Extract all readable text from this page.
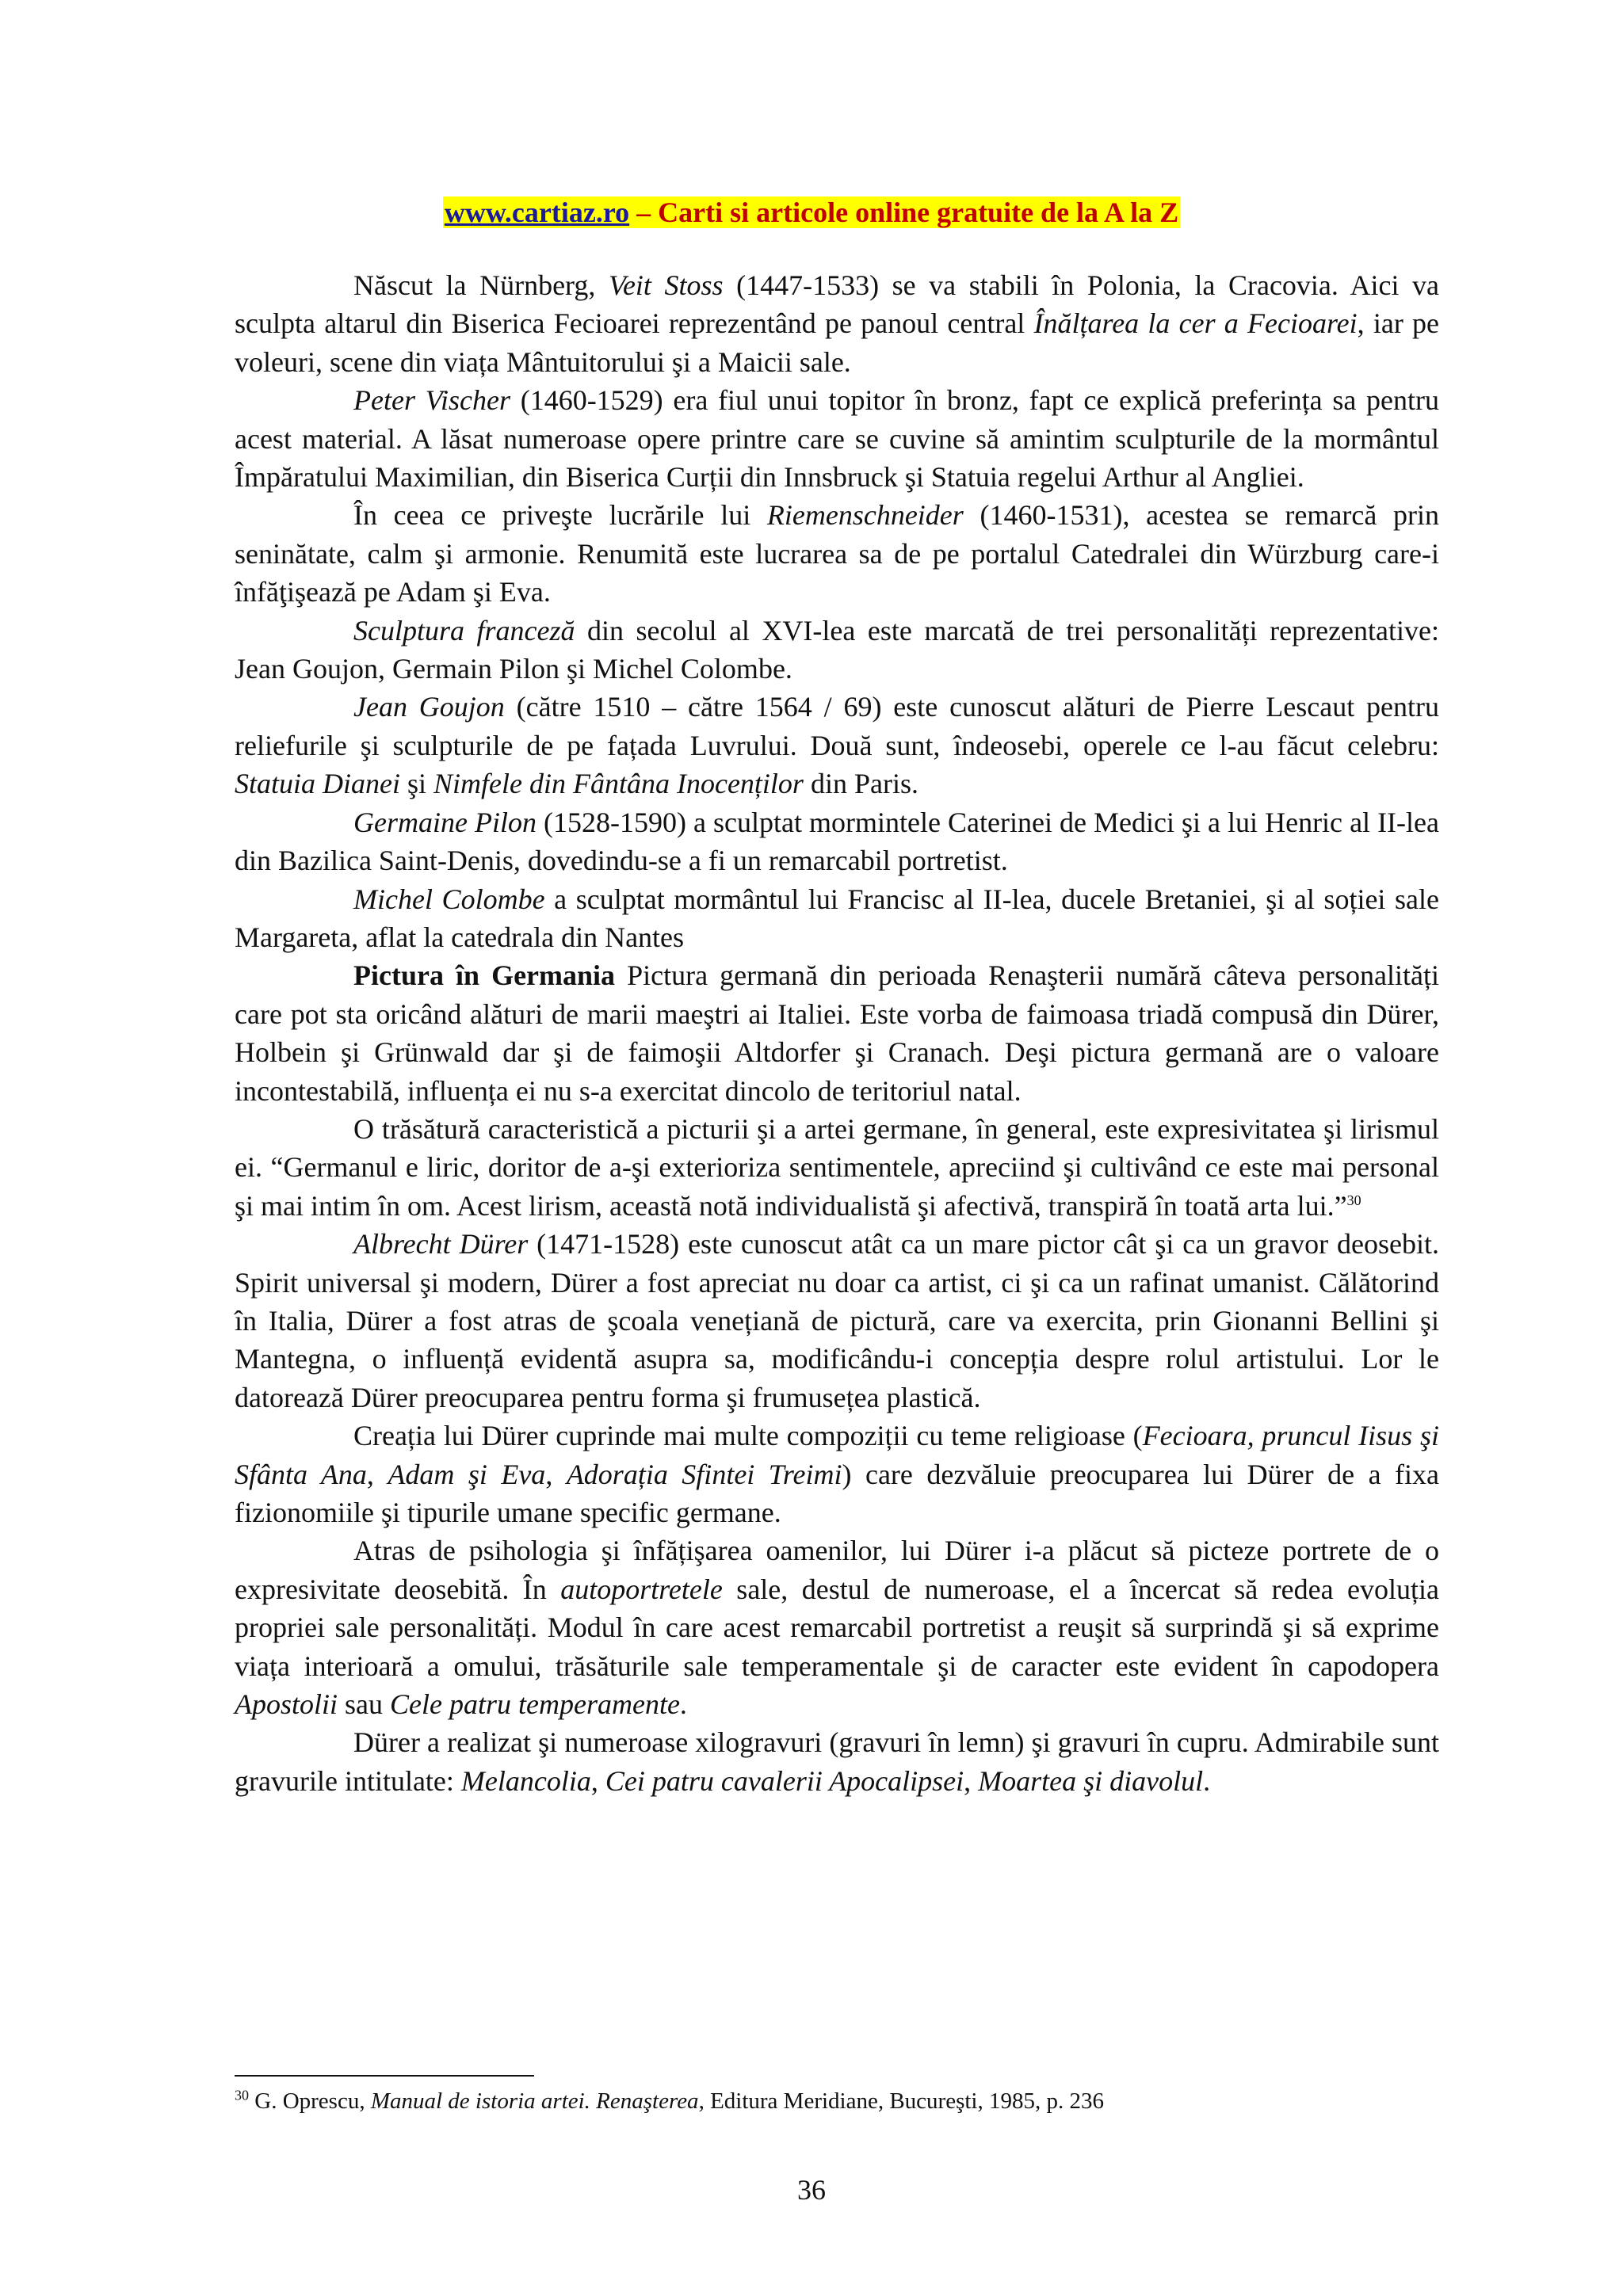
www.cartiaz.ro – Carti si articole online gratuite de la A la Z

Născut la Nürnberg, Veit Stoss (1447-1533) se va stabili în Polonia, la Cracovia. Aici va sculpta altarul din Biserica Fecioarei reprezentând pe panoul central Înălțarea la cer a Fecioarei, iar pe voleuri, scene din viața Mântuitorului şi a Maicii sale.

Peter Vischer (1460-1529) era fiul unui topitor în bronz, fapt ce explică preferința sa pentru acest material. A lăsat numeroase opere printre care se cuvine să amintim sculpturile de la mormântul Împăratului Maximilian, din Biserica Curții din Innsbruck şi Statuia regelui Arthur al Angliei.

În ceea ce priveşte lucrările lui Riemenschneider (1460-1531), acestea se remarcă prin seninătate, calm şi armonie. Renumită este lucrarea sa de pe portalul Catedralei din Würzburg care-i înfăţişează pe Adam şi Eva.

Sculptura franceză din secolul al XVI-lea este marcată de trei personalități reprezentative: Jean Goujon, Germain Pilon şi Michel Colombe.

Jean Goujon (către 1510 – către 1564 / 69) este cunoscut alături de Pierre Lescaut pentru reliefurile şi sculpturile de pe fațada Luvrului. Două sunt, îndeosebi, operele ce l-au făcut celebru: Statuia Dianei şi Nimfele din Fântâna Inocenților din Paris.

Germaine Pilon (1528-1590) a sculptat mormintele Caterinei de Medici şi a lui Henric al II-lea din Bazilica Saint-Denis, dovedindu-se a fi un remarcabil portretist.

Michel Colombe a sculptat mormântul lui Francisc al II-lea, ducele Bretaniei, şi al soției sale Margareta, aflat la catedrala din Nantes

Pictura în Germania Pictura germană din perioada Renaşterii numără câteva personalități care pot sta oricând alături de marii maeştri ai Italiei. Este vorba de faimoasa triadă compusă din Dürer, Holbein şi Grünwald dar şi de faimoşii Altdorfer şi Cranach. Deşi pictura germană are o valoare incontestabilă, influența ei nu s-a exercitat dincolo de teritoriul natal.

O trăsătură caracteristică a picturii şi a artei germane, în general, este expresivitatea şi lirismul ei. “Germanul e liric, doritor de a-şi exterioriza sentimentele, apreciind şi cultivând ce este mai personal şi mai intim în om. Acest lirism, această notă individualistă şi afectivă, transpiră în toată arta lui.”$^{30}$

Albrecht Dürer (1471-1528) este cunoscut atât ca un mare pictor cât şi ca un gravor deosebit. Spirit universal şi modern, Dürer a fost apreciat nu doar ca artist, ci şi ca un rafinat umanist. Călătorind în Italia, Dürer a fost atras de şcoala venețiană de pictură, care va exercita, prin Gionanni Bellini şi Mantegna, o influență evidentă asupra sa, modificându-i concepția despre rolul artistului. Lor le datorează Dürer preocuparea pentru forma şi frumusețea plastică.

Creația lui Dürer cuprinde mai multe compoziții cu teme religioase (Fecioara, pruncul Iisus şi Sfânta Ana, Adam şi Eva, Adorația Sfintei Treimi) care dezvăluie preocuparea lui Dürer de a fixa fizionomiile şi tipurile umane specific germane.

Atras de psihologia şi înfățişarea oamenilor, lui Dürer i-a plăcut să picteze portrete de o expresivitate deosebită. În autoportretele sale, destul de numeroase, el a încercat să redea evoluția propriei sale personalități. Modul în care acest remarcabil portretist a reuşit să surprindă şi să exprime viața interioară a omului, trăsăturile sale temperamentale şi de caracter este evident în capodopera Apostolii sau Cele patru temperamente.

Dürer a realizat şi numeroase xilogravuri (gravuri în lemn) şi gravuri în cupru. Admirabile sunt gravurile intitulate: Melancolia, Cei patru cavalerii Apocalipsei, Moartea şi diavolul.

$^{30}$ G. Oprescu, Manual de istoria artei. Renaşterea, Editura Meridiane, Bucureşti, 1985, p. 236
36
